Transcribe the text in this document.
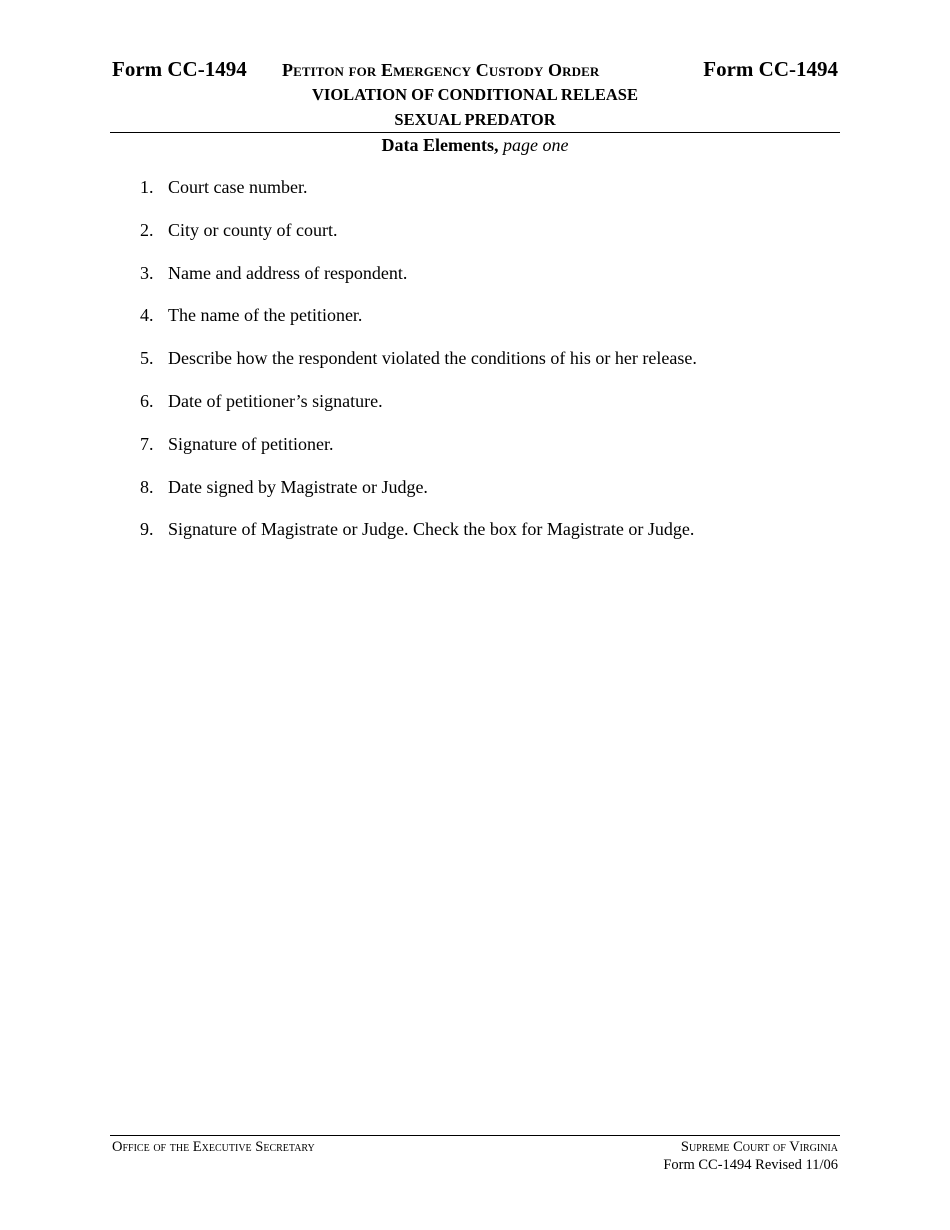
Form CC-1494 Petiton for Emergency Custody Order	Form CC-1494
VIOLATION OF CONDITIONAL RELEASE
SEXUAL PREDATOR
Data Elements, page one
1. Court case number.
2. City or county of court.
3. Name and address of respondent.
4. The name of the petitioner.
5. Describe how the respondent violated the conditions of his or her release.
6. Date of petitioner’s signature.
7. Signature of petitioner.
8. Date signed by Magistrate or Judge.
9. Signature of Magistrate or Judge. Check the box for Magistrate or Judge.
Office of the Executive Secretary	Supreme Court of Virginia
Form CC-1494 Revised 11/06
